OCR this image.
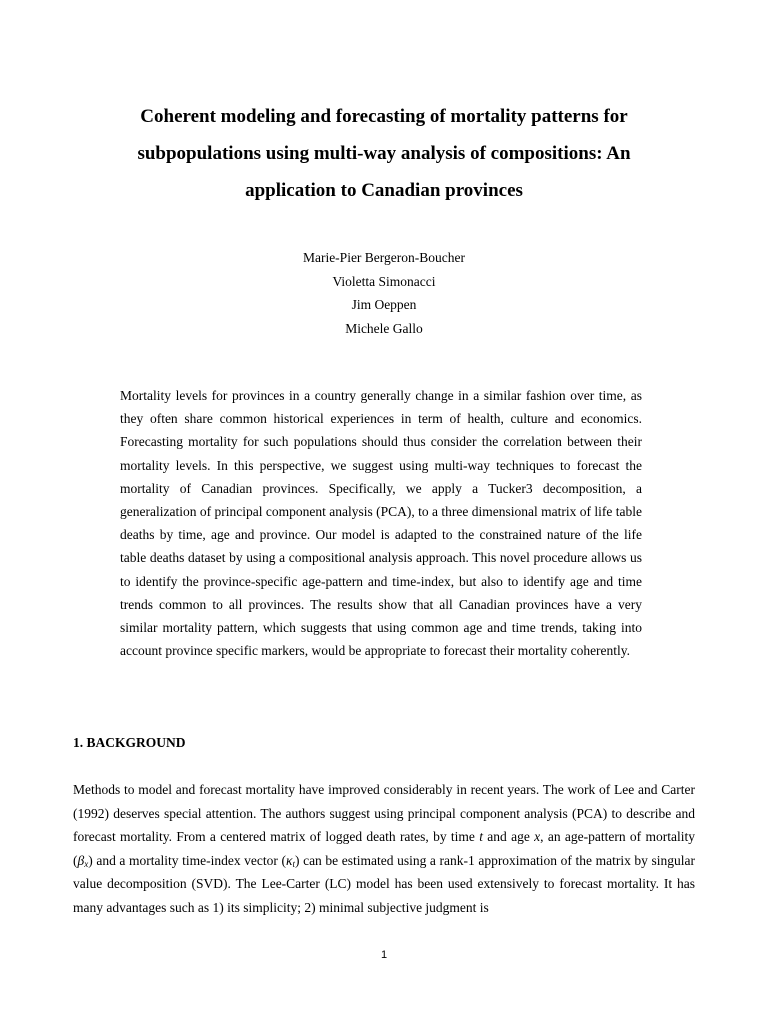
Coherent modeling and forecasting of mortality patterns for subpopulations using multi-way analysis of compositions: An application to Canadian provinces
Marie-Pier Bergeron-Boucher
Violetta Simonacci
Jim Oeppen
Michele Gallo
Mortality levels for provinces in a country generally change in a similar fashion over time, as they often share common historical experiences in term of health, culture and economics. Forecasting mortality for such populations should thus consider the correlation between their mortality levels. In this perspective, we suggest using multi-way techniques to forecast the mortality of Canadian provinces. Specifically, we apply a Tucker3 decomposition, a generalization of principal component analysis (PCA), to a three dimensional matrix of life table deaths by time, age and province. Our model is adapted to the constrained nature of the life table deaths dataset by using a compositional analysis approach. This novel procedure allows us to identify the province-specific age-pattern and time-index, but also to identify age and time trends common to all provinces. The results show that all Canadian provinces have a very similar mortality pattern, which suggests that using common age and time trends, taking into account province specific markers, would be appropriate to forecast their mortality coherently.
1. BACKGROUND
Methods to model and forecast mortality have improved considerably in recent years. The work of Lee and Carter (1992) deserves special attention. The authors suggest using principal component analysis (PCA) to describe and forecast mortality. From a centered matrix of logged death rates, by time t and age x, an age-pattern of mortality $(\beta_x)$ and a mortality time-index vector $(\kappa_t)$ can be estimated using a rank-1 approximation of the matrix by singular value decomposition (SVD). The Lee-Carter (LC) model has been used extensively to forecast mortality. It has many advantages such as 1) its simplicity; 2) minimal subjective judgment is
1
